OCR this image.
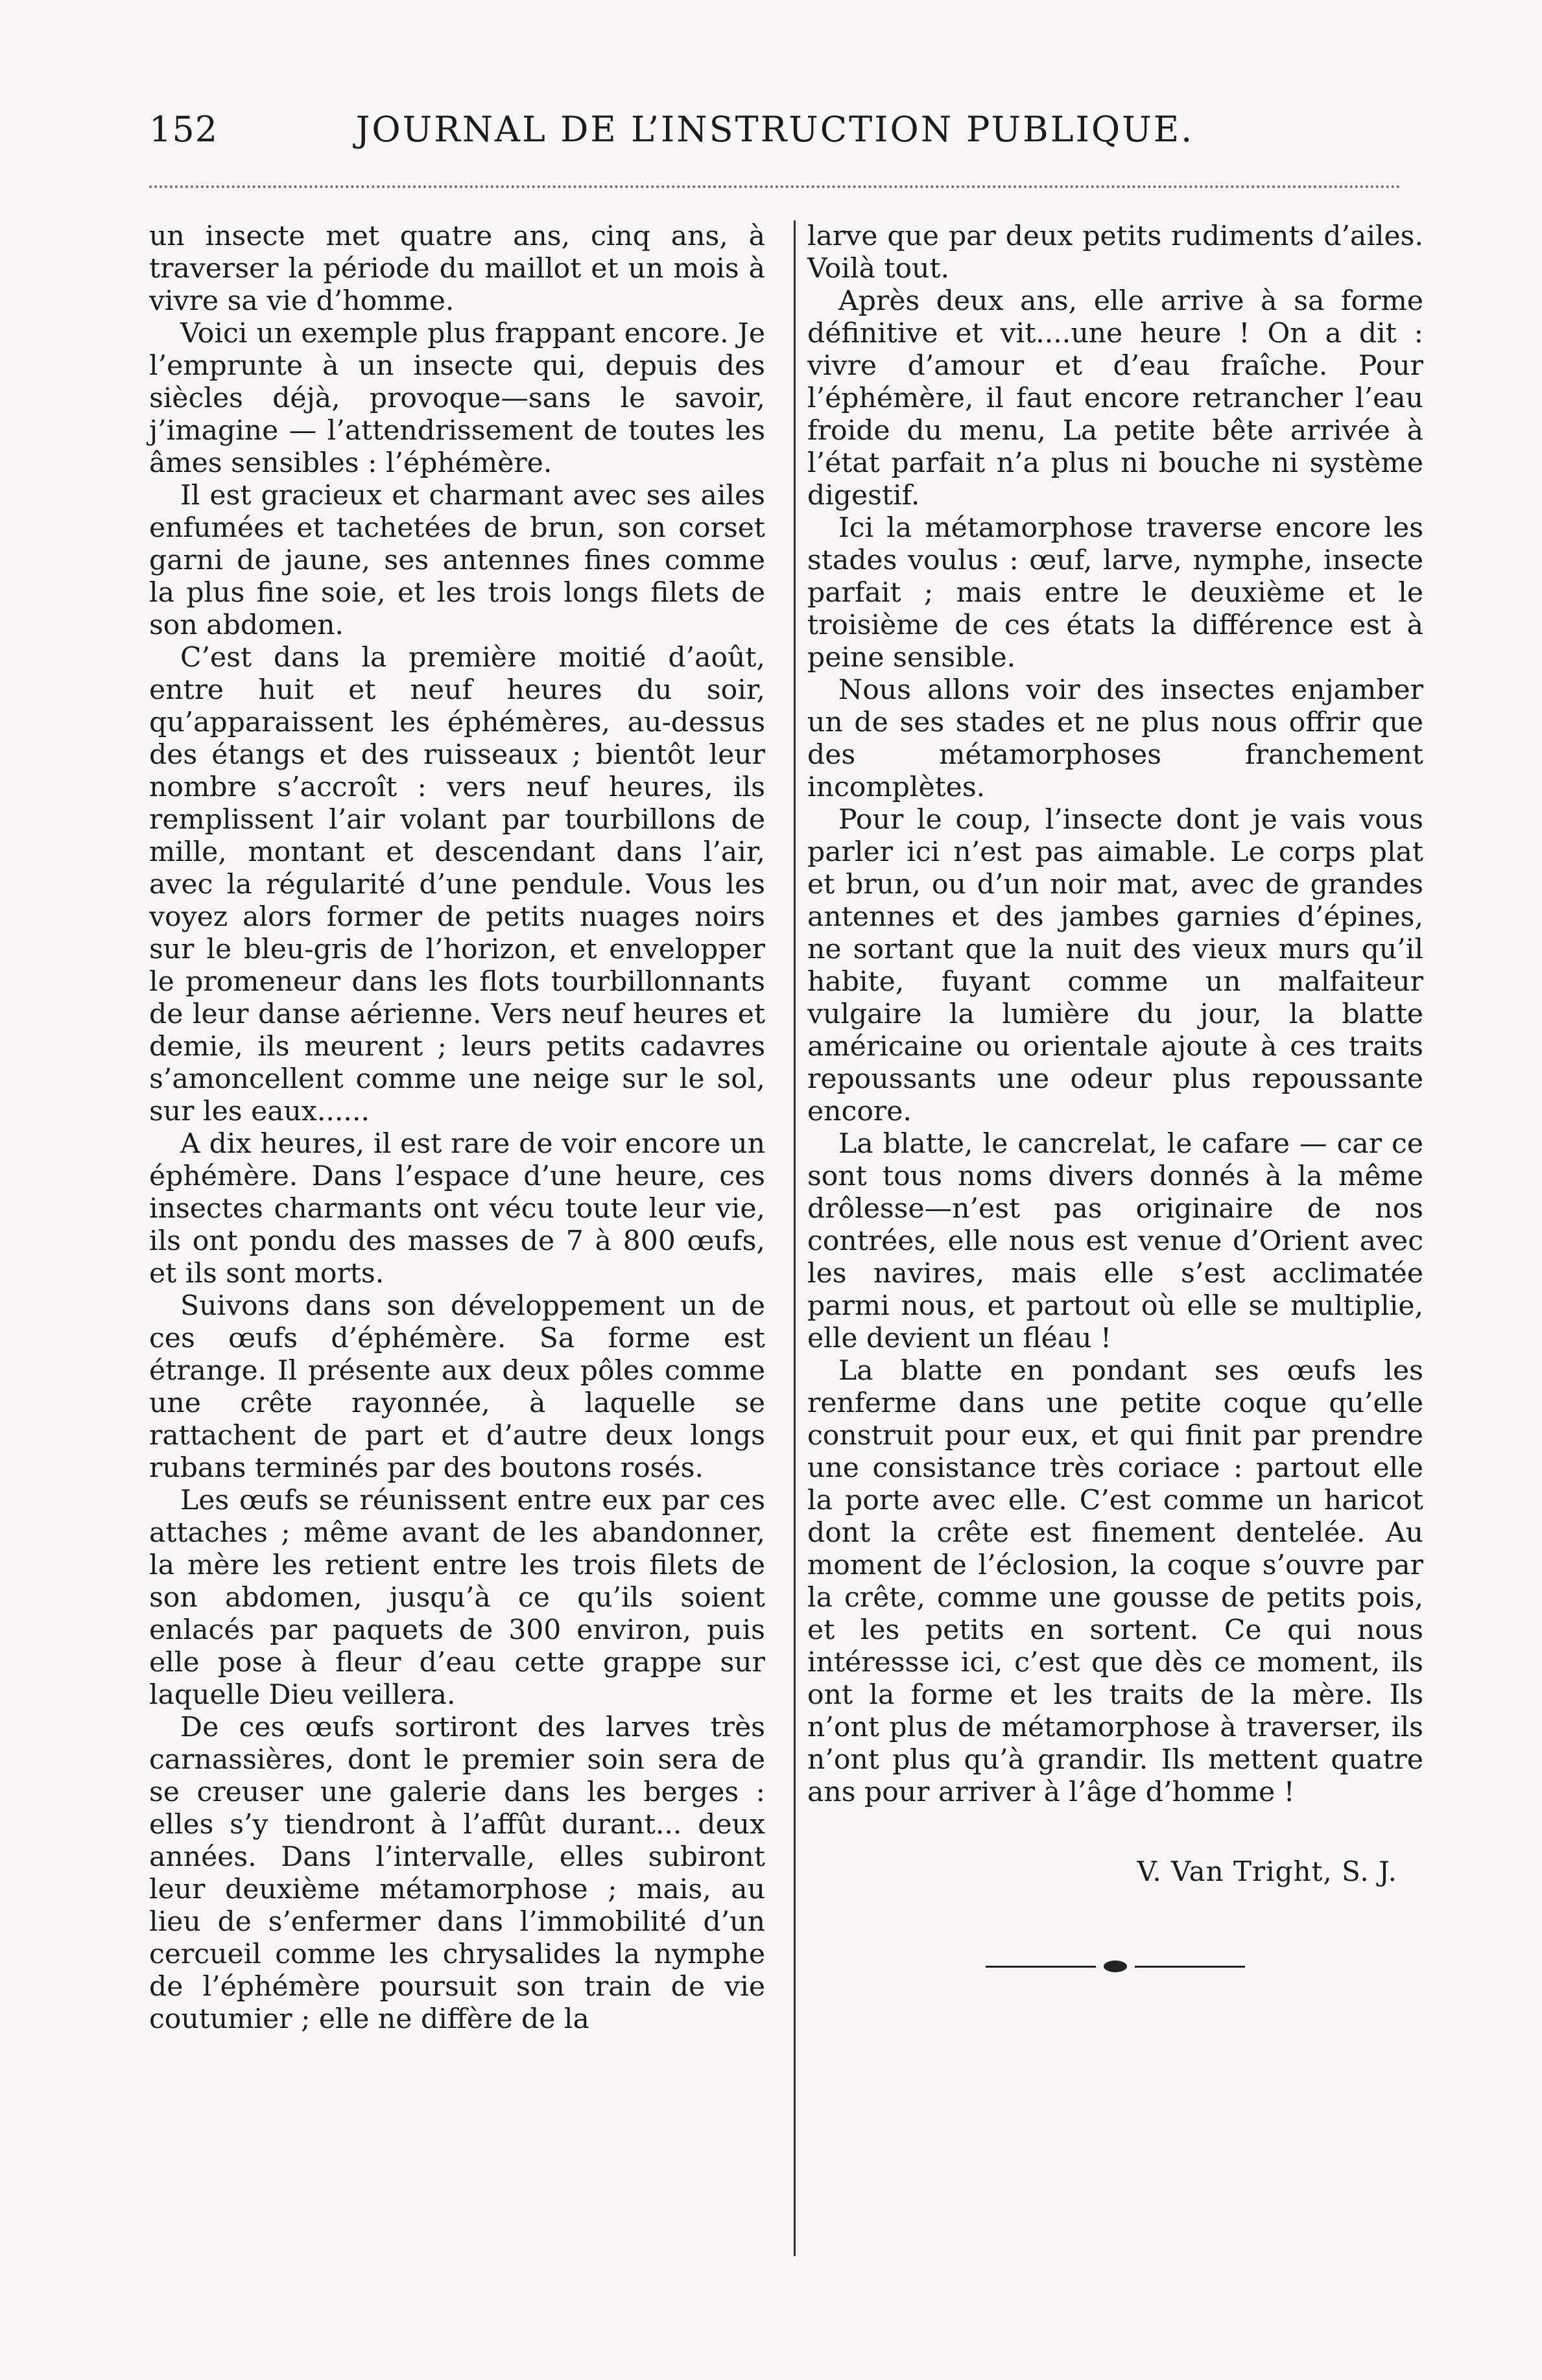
152	JOURNAL DE L’INSTRUCTION PUBLIQUE.

un insecte met quatre ans, cinq ans, à traverser la période du maillot et un mois à vivre sa vie d’homme.

Voici un exemple plus frappant encore. Je l’emprunte à un insecte qui, depuis des siècles déjà, provoque—sans le savoir, j’imagine — l’attendrissement de toutes les âmes sensibles : l’éphémère.

Il est gracieux et charmant avec ses ailes enfumées et tachetées de brun, son corset garni de jaune, ses antennes fines comme la plus fine soie, et les trois longs filets de son abdomen.

C’est dans la première moitié d’août, entre huit et neuf heures du soir, qu’apparaissent les éphémères, au-dessus des étangs et des ruisseaux ; bientôt leur nombre s’accroît : vers neuf heures, ils remplissent l’air volant par tourbillons de mille, montant et descendant dans l’air, avec la régularité d’une pendule. Vous les voyez alors former de petits nuages noirs sur le bleu-gris de l’horizon, et envelopper le promeneur dans les flots tourbillonnants de leur danse aérienne. Vers neuf heures et demie, ils meurent ; leurs petits cadavres s’amoncellent comme une neige sur le sol, sur les eaux......

A dix heures, il est rare de voir encore un éphémère. Dans l’espace d’une heure, ces insectes charmants ont vécu toute leur vie, ils ont pondu des masses de 7 à 800 œufs, et ils sont morts.

Suivons dans son développement un de ces œufs d’éphémère. Sa forme est étrange. Il présente aux deux pôles comme une crête rayonnée, à laquelle se rattachent de part et d’autre deux longs rubans terminés par des boutons rosés.

Les œufs se réunissent entre eux par ces attaches ; même avant de les abandonner, la mère les retient entre les trois filets de son abdomen, jusqu’à ce qu’ils soient enlacés par paquets de 300 environ, puis elle pose à fleur d’eau cette grappe sur laquelle Dieu veillera.

De ces œufs sortiront des larves très carnassières, dont le premier soin sera de se creuser une galerie dans les berges : elles s’y tiendront à l’affût durant... deux années. Dans l’intervalle, elles subiront leur deuxième métamorphose ; mais, au lieu de s’enfermer dans l’immobilité d’un cercueil comme les chrysalides la nymphe de l’éphémère poursuit son train de vie coutumier ; elle ne diffère de la

larve que par deux petits rudiments d’ailes. Voilà tout.

Après deux ans, elle arrive à sa forme définitive et vit....une heure ! On a dit : vivre d’amour et d’eau fraîche. Pour l’éphémère, il faut encore retrancher l’eau froide du menu, La petite bête arrivée à l’état parfait n’a plus ni bouche ni système digestif.

Ici la métamorphose traverse encore les stades voulus : œuf, larve, nymphe, insecte parfait ; mais entre le deuxième et le troisième de ces états la différence est à peine sensible.

Nous allons voir des insectes enjamber un de ses stades et ne plus nous offrir que des métamorphoses franchement incomplètes.

Pour le coup, l’insecte dont je vais vous parler ici n’est pas aimable. Le corps plat et brun, ou d’un noir mat, avec de grandes antennes et des jambes garnies d’épines, ne sortant que la nuit des vieux murs qu’il habite, fuyant comme un malfaiteur vulgaire la lumière du jour, la blatte américaine ou orientale ajoute à ces traits repoussants une odeur plus repoussante encore.

La blatte, le cancrelat, le cafare — car ce sont tous noms divers donnés à la même drôlesse—n’est pas originaire de nos contrées, elle nous est venue d’Orient avec les navires, mais elle s’est acclimatée parmi nous, et partout où elle se multiplie, elle devient un fléau !

La blatte en pondant ses œufs les renferme dans une petite coque qu’elle construit pour eux, et qui finit par prendre une consistance très coriace : partout elle la porte avec elle. C’est comme un haricot dont la crête est finement dentelée. Au moment de l’éclosion, la coque s’ouvre par la crête, comme une gousse de petits pois, et les petits en sortent. Ce qui nous intéressse ici, c’est que dès ce moment, ils ont la forme et les traits de la mère. Ils n’ont plus de métamorphose à traverser, ils n’ont plus qu’à grandir. Ils mettent quatre ans pour arriver à l’âge d’homme !

V. Van Tright, S. J.
